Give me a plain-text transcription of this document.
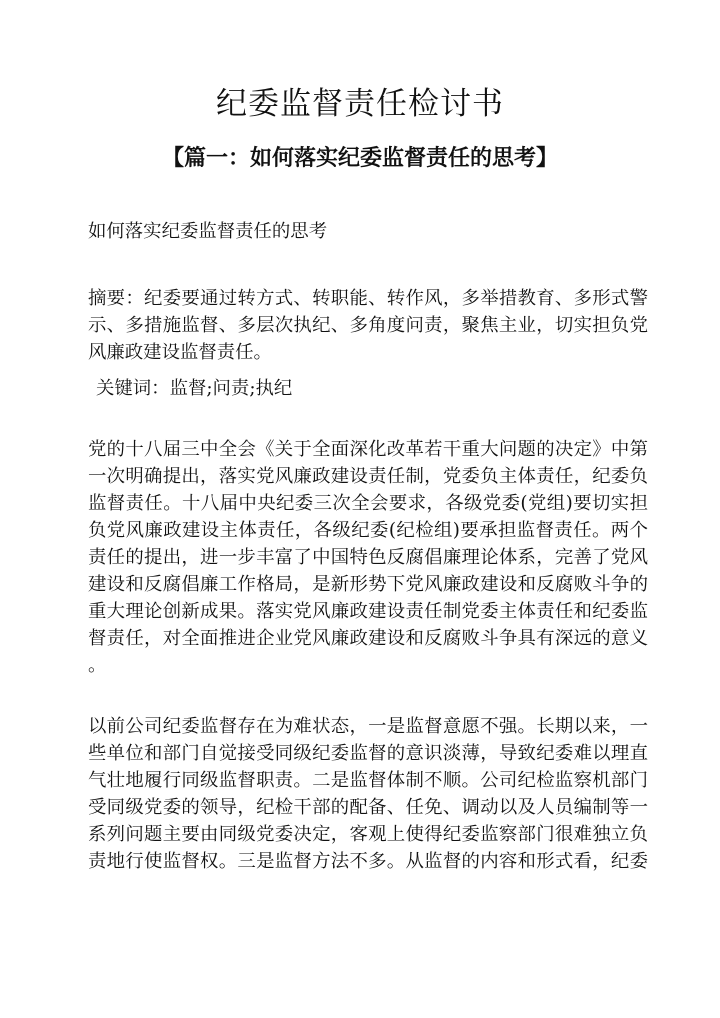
纪委监督责任检讨书
【篇一：如何落实纪委监督责任的思考】

如何落实纪委监督责任的思考

摘要：纪委要通过转方式、转职能、转作风，多举措教育、多形式警

示、多措施监督、多层次执纪、多角度问责，聚焦主业，切实担负党

风廉政建设监督责任。

关键词：监督;问责;执纪

党的十八届三中全会《关于全面深化改革若干重大问题的决定》中第

一次明确提出，落实党风廉政建设责任制，党委负主体责任，纪委负

监督责任。十八届中央纪委三次全会要求，各级党委(党组)要切实担

负党风廉政建设主体责任，各级纪委(纪检组)要承担监督责任。两个

责任的提出，进一步丰富了中国特色反腐倡廉理论体系，完善了党风

建设和反腐倡廉工作格局，是新形势下党风廉政建设和反腐败斗争的

重大理论创新成果。落实党风廉政建设责任制党委主体责任和纪委监

督责任，对全面推进企业党风廉政建设和反腐败斗争具有深远的意义

。

以前公司纪委监督存在为难状态，一是监督意愿不强。长期以来，一

些单位和部门自觉接受同级纪委监督的意识淡薄，导致纪委难以理直

气壮地履行同级监督职责。二是监督体制不顺。公司纪检监察机部门

受同级党委的领导，纪检干部的配备、任免、调动以及人员编制等一

系列问题主要由同级党委决定，客观上使得纪委监察部门很难独立负

责地行使监督权。三是监督方法不多。从监督的内容和形式看，纪委
